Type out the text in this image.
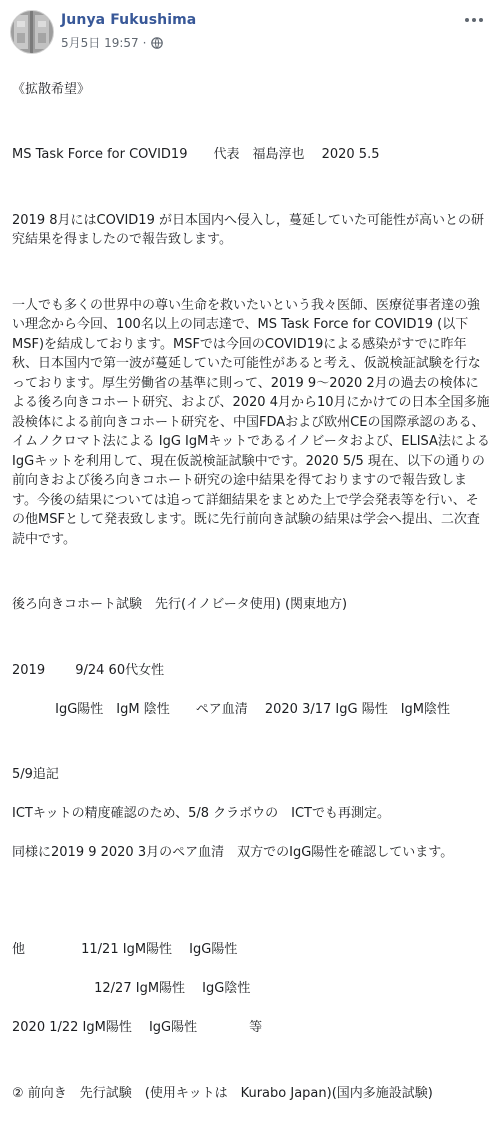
Junya Fukushima
5月5日 19:57 ·

《拡散希望》

MS Task Force for COVID19　　代表　福島淳也　 2020 5.5

2019 8月にはCOVID19 が日本国内へ侵入し，蔓延していた可能性が高いとの研究結果を得ましたので報告致します。

一人でも多くの世界中の尊い生命を救いたいという我々医師、医療従事者達の強い理念から今回、100名以上の同志達で、MS Task Force for COVID19 (以下MSF)を結成しております。MSFでは今回のCOVID19による感染がすでに昨年秋、日本国内で第一波が蔓延していた可能性があると考え、仮説検証試験を行なっております。厚生労働省の基準に則って、2019 9～2020 2月の過去の検体による後ろ向きコホート研究、および、2020 4月から10月にかけての日本全国多施設検体による前向きコホート研究を、中国FDAおよび欧州CEの国際承認のある、イムノクロマト法による IgG IgMキットであるイノビータおよび、ELISA法によるIgGキットを利用して、現在仮説検証試験中です。2020 5/5 現在、以下の通りの前向きおよび後ろ向きコホート研究の途中結果を得ておりますので報告致します。今後の結果については追って詳細結果をまとめた上で学会発表等を行い、その他MSFとして発表致します。既に先行前向き試験の結果は学会へ提出、二次査読中です。

後ろ向きコホート試験　先行(イノビータ使用) (関東地方)

2019　　 9/24 60代女性

　　　 IgG陽性　IgM 陰性　　ペア血清　 2020 3/17 IgG 陽性　IgM陰性

5/9追記

ICTキットの精度確認のため、5/8 クラボウの　ICTでも再測定。

同様に2019 9 2020 3月のペア血清　双方でのIgG陽性を確認しています。

他　　　　 11/21 IgM陽性　 IgG陽性

　　　　　　 12/27 IgM陽性　 IgG陰性

2020 1/22 IgM陽性　 IgG陽性　　　　等

② 前向き　先行試験　(使用キットは　Kurabo Japan)(国内多施設試験)
